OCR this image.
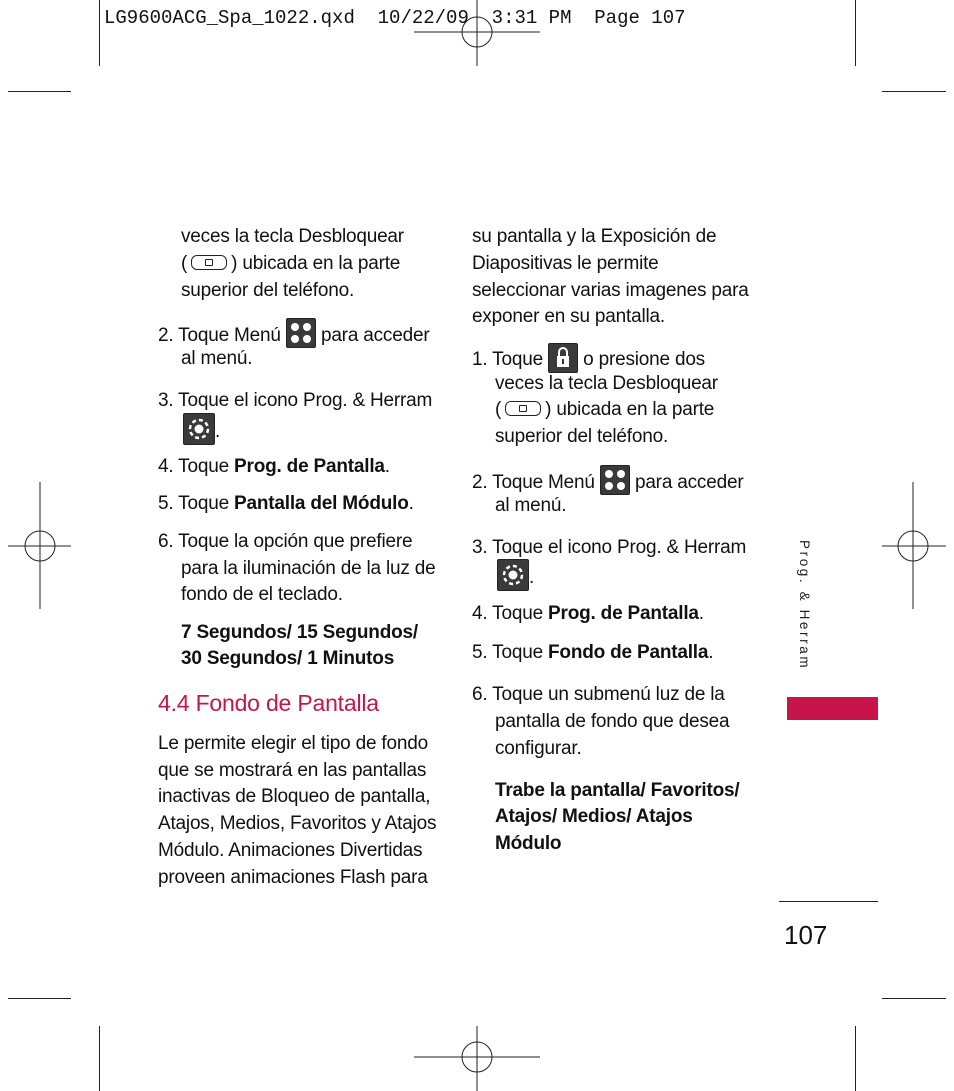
LG9600ACG_Spa_1022.qxd  10/22/09  3:31 PM  Page 107
veces la tecla Desbloquear
( ) ubicada en la parte
superior del teléfono.
2. Toque Menú para acceder
al menú.
3. Toque el icono Prog. & Herram
.
4. Toque Prog. de Pantalla.
5. Toque Pantalla del Módulo.
6. Toque la opción que prefiere
para la iluminación de la luz de
fondo de el teclado.
7 Segundos/ 15 Segundos/
30 Segundos/ 1 Minutos
4.4 Fondo de Pantalla
Le permite elegir el tipo de fondo
que se mostrará en las pantallas
inactivas de Bloqueo de pantalla,
Atajos, Medios, Favoritos y Atajos
Módulo. Animaciones Divertidas
proveen animaciones Flash para
su pantalla y la Exposición de
Diapositivas le permite
seleccionar varias imagenes para
exponer en su pantalla.
1. Toque o presione dos
veces la tecla Desbloquear
( ) ubicada en la parte
superior del teléfono.
2. Toque Menú para acceder
al menú.
3. Toque el icono Prog. & Herram
.
4. Toque Prog. de Pantalla.
5. Toque Fondo de Pantalla.
6. Toque un submenú luz de la
pantalla de fondo que desea
configurar.
Trabe la pantalla/ Favoritos/
Atajos/ Medios/ Atajos
Módulo
Prog. & Herram
107
